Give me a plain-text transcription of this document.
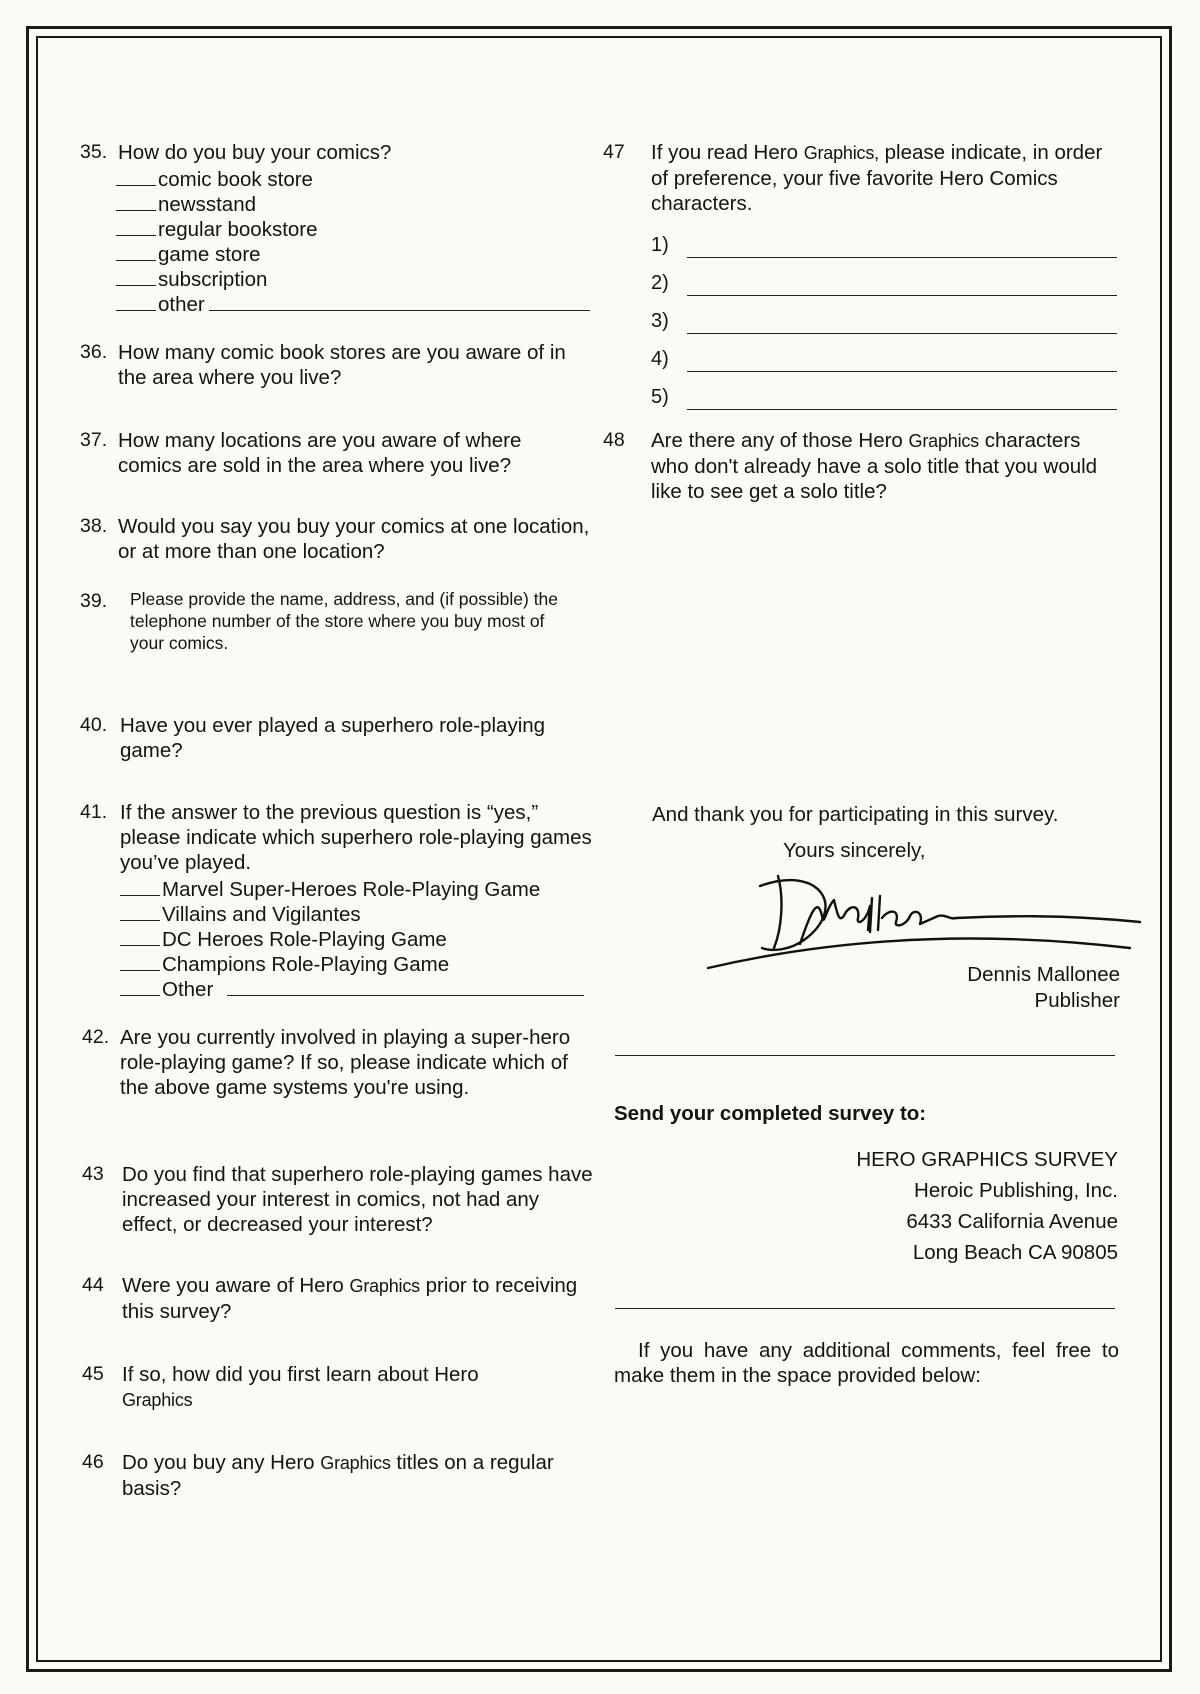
35. How do you buy your comics?

comic book store
newsstand
regular bookstore
game store
subscription
other
36. How many comic book stores are you aware of in the area where you live?

37. How many locations are you aware of where comics are sold in the area where you live?

38. Would you say you buy your comics at one location, or at more than one location?

39. Please provide the name, address, and (if possible) the telephone number of the store where you buy most of your comics.

40. Have you ever played a superhero role-playing game?

41. If the answer to the previous question is “yes,” please indicate which superhero role-playing games you’ve played.

Marvel Super-Heroes Role-Playing Game
Villains and Vigilantes
DC Heroes Role-Playing Game
Champions Role-Playing Game
Other
42. Are you currently involved in playing a super-hero role-playing game? If so, please indicate which of the above game systems you're using.

43 Do you find that superhero role-playing games have increased your interest in comics, not had any effect, or decreased your interest?

44 Were you aware of Hero Graphics prior to receiving this survey?

45 If so, how did you first learn about Hero
Graphics

46 Do you buy any Hero Graphics titles on a regular basis?

47 If you read Hero Graphics, please indicate, in order of preference, your five favorite Hero Comics characters.

1)
2)
3)
4)
5)
48 Are there any of those Hero Graphics characters who don't already have a solo title that you would like to see get a solo title?

And thank you for participating in this survey.
Yours sincerely,
Dennis Mallonee
Publisher
Send your completed survey to:
HERO GRAPHICS SURVEY
Heroic Publishing, Inc.
6433 California Avenue
Long Beach CA 90805
If you have any additional comments, feel free to make them in the space provided below:
